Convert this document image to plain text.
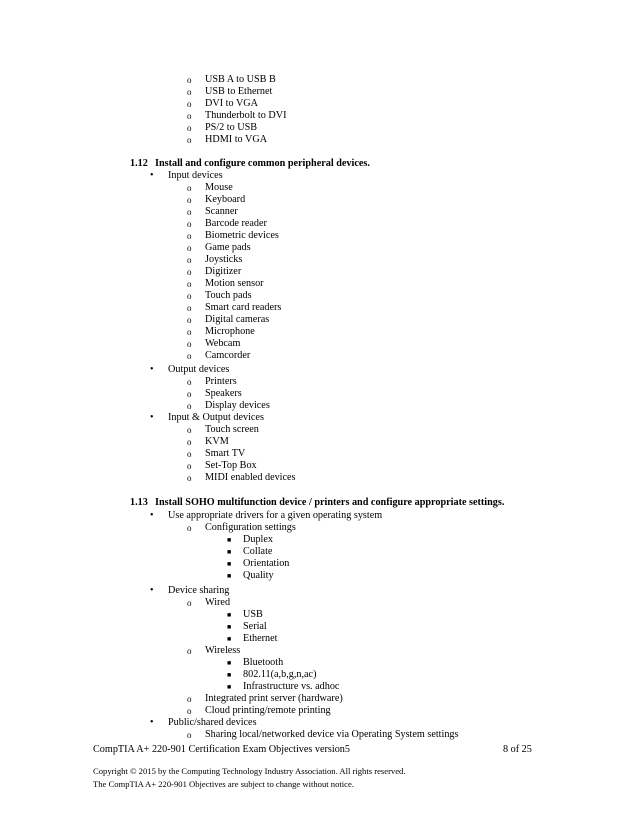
o USB A to USB B
o USB to Ethernet
o DVI to VGA
o Thunderbolt to DVI
o PS/2 to USB
o HDMI to VGA
1.12 Install and configure common peripheral devices.
• Input devices
o Mouse
o Keyboard
o Scanner
o Barcode reader
o Biometric devices
o Game pads
o Joysticks
o Digitizer
o Motion sensor
o Touch pads
o Smart card readers
o Digital cameras
o Microphone
o Webcam
o Camcorder
• Output devices
o Printers
o Speakers
o Display devices
• Input & Output devices
o Touch screen
o KVM
o Smart TV
o Set-Top Box
o MIDI enabled devices
1.13 Install SOHO multifunction device / printers and configure appropriate settings.
• Use appropriate drivers for a given operating system
o Configuration settings
■ Duplex
■ Collate
■ Orientation
■ Quality
• Device sharing
o Wired
■ USB
■ Serial
■ Ethernet
o Wireless
■ Bluetooth
■ 802.11(a,b,g,n,ac)
■ Infrastructure vs. adhoc
o Integrated print server (hardware)
o Cloud printing/remote printing
• Public/shared devices
o Sharing local/networked device via Operating System settings
CompTIA A+ 220-901 Certification Exam Objectives version5	8 of 25
Copyright © 2015 by the Computing Technology Industry Association. All rights reserved.
The CompTIA A+ 220-901 Objectives are subject to change without notice.
